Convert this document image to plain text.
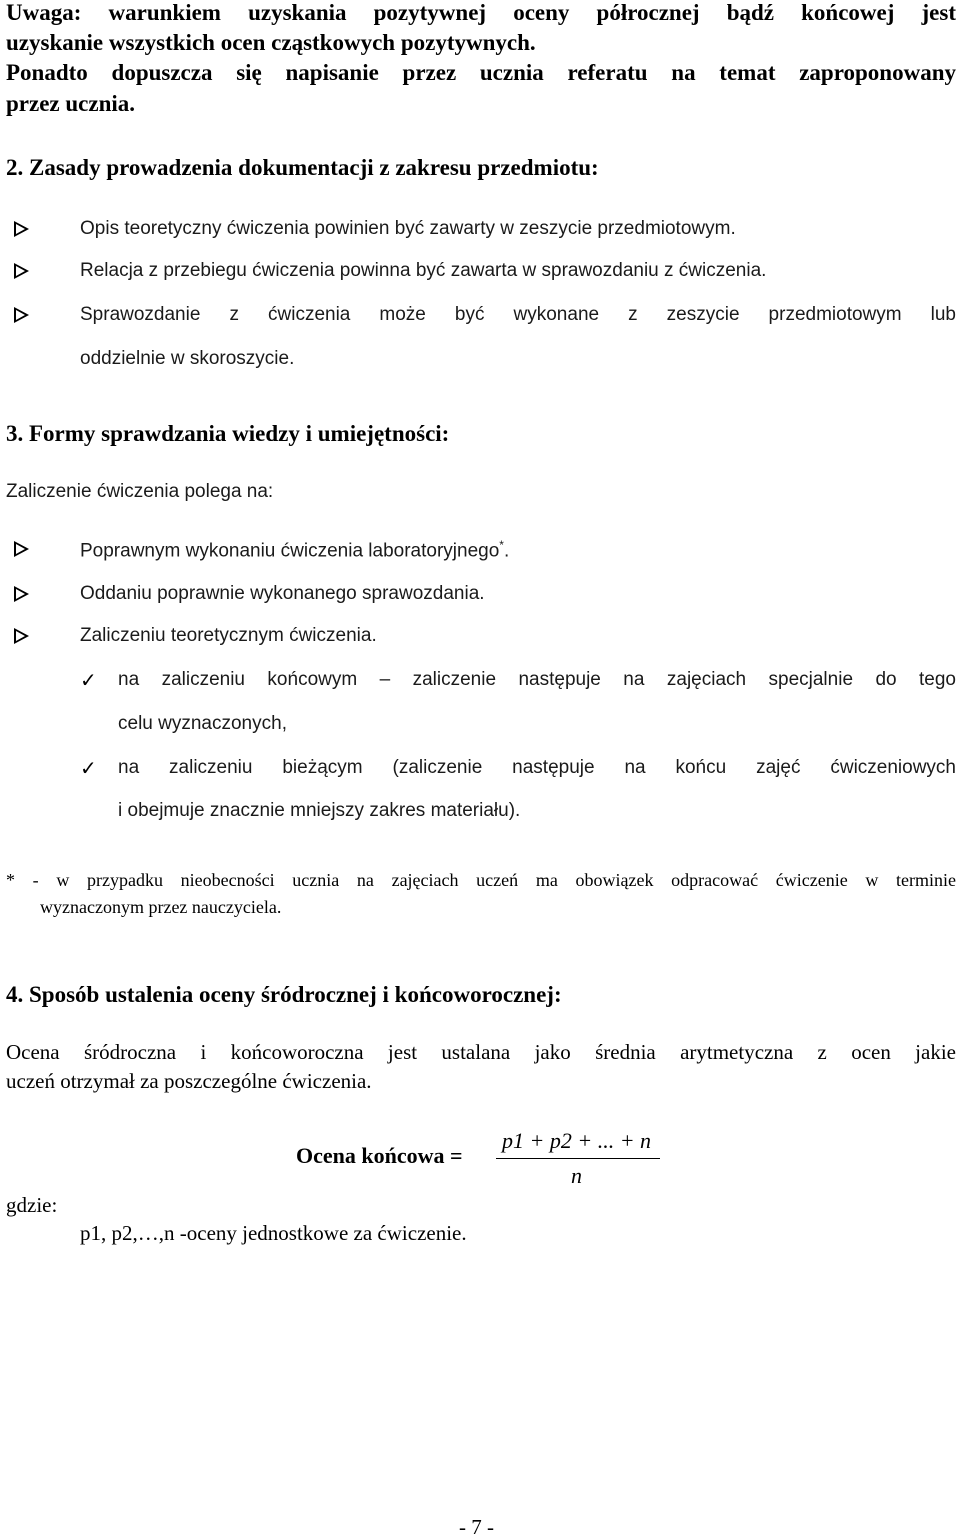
Uwaga: warunkiem uzyskania pozytywnej oceny półrocznej bądź końcowej jest
uzyskanie wszystkich ocen cząstkowych pozytywnych.
Ponadto dopuszcza się napisanie przez ucznia referatu na temat zaproponowany
przez ucznia.
2. Zasady prowadzenia dokumentacji z zakresu przedmiotu:
Opis teoretyczny ćwiczenia powinien być zawarty w zeszycie przedmiotowym.
Relacja z przebiegu ćwiczenia powinna być zawarta w sprawozdaniu z ćwiczenia.
Sprawozdanie z ćwiczenia może być wykonane z zeszycie przedmiotowym lub
oddzielnie w skoroszycie.
3. Formy sprawdzania wiedzy i umiejętności:
Zaliczenie ćwiczenia polega na:
Poprawnym wykonaniu ćwiczenia laboratoryjnego*.
Oddaniu poprawnie wykonanego sprawozdania.
Zaliczeniu teoretycznym ćwiczenia.
✓ na zaliczeniu końcowym – zaliczenie następuje na zajęciach specjalnie do tego
celu wyznaczonych,
✓ na zaliczeniu bieżącym (zaliczenie następuje na końcu zajęć ćwiczeniowych
i obejmuje znacznie mniejszy zakres materiału).
* - w przypadku nieobecności ucznia na zajęciach uczeń ma obowiązek odpracować ćwiczenie w terminie
wyznaczonym przez nauczyciela.
4. Sposób ustalenia oceny śródrocznej i końcoworocznej:
Ocena śródroczna i końcoworoczna jest ustalana jako średnia arytmetyczna z ocen jakie
uczeń otrzymał za poszczególne ćwiczenia.
Ocena końcowa =
p1 + p2 + ... + n
n
gdzie:
p1, p2,…,n -oceny jednostkowe za ćwiczenie.
- 7 -
